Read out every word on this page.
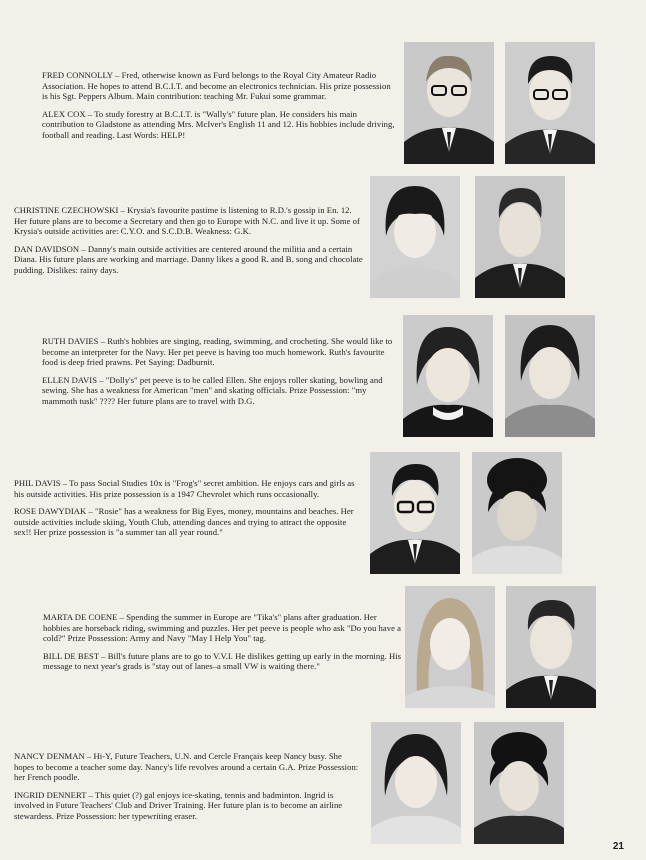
FRED CONNOLLY – Fred, otherwise known as Furd belongs to the Royal City Amateur Radio Association. He hopes to attend B.C.I.T. and become an electronics technician. His prize possession is his Sgt. Peppers Album. Main contribution: teaching Mr. Fukui some grammar.

ALEX COX – To study forestry at B.C.I.T. is "Wally's" future plan. He considers his main contribution to Gladstone as attending Mrs. McIver's English 11 and 12. His hobbies include driving, football and reading. Last Words: HELP!

CHRISTINE CZECHOWSKI – Krysia's favourite pastime is listening to R.D.'s gossip in En. 12. Her future plans are to become a Secretary and then go to Europe with N.C. and live it up. Some of Krysia's outside activities are: C.Y.O. and S.C.D.B. Weakness: G.K.

DAN DAVIDSON – Danny's main outside activities are centered around the militia and a certain Diana. His future plans are working and marriage. Danny likes a good R. and B. song and chocolate pudding. Dislikes: rainy days.

RUTH DAVIES – Ruth's hobbies are singing, reading, swimming, and crocheting. She would like to become an interpreter for the Navy. Her pet peeve is having too much homework. Ruth's favourite food is deep fried prawns. Pet Saying: Dadburnit.

ELLEN DAVIS – "Dolly's" pet peeve is to be called Ellen. She enjoys roller skating, bowling and sewing. She has a weakness for American "men" and skating officials. Prize Possession: "my mammoth tusk" ???? Her future plans are to travel with D.G.

PHIL DAVIS – To pass Social Studies 10x is "Frog's" secret ambition. He enjoys cars and girls as his outside activities. His prize possession is a 1947 Chevrolet which runs occasionally.

ROSE DAWYDIAK – "Rosie" has a weakness for Big Eyes, money, mountains and beaches. Her outside activities include skiing, Youth Club, attending dances and trying to attract the opposite sex!! Her prize possession is "a summer tan all year round."

MARTA DE COENE – Spending the summer in Europe are "Tika's" plans after graduation. Her hobbies are horseback riding, swimming and puzzles. Her pet peeve is people who ask "Do you have a cold?" Prize Possession: Army and Navy "May I Help You" tag.

BILL DE BEST – Bill's future plans are to go to V.V.I. He dislikes getting up early in the morning. His message to next year's grads is "stay out of lanes–a small VW is waiting there."

NANCY DENMAN – Hi-Y, Future Teachers, U.N. and Cercle Français keep Nancy busy. She hopes to become a teacher some day. Nancy's life revolves around a certain G.A. Prize Possession: her French poodle.

INGRID DENNERT – This quiet (?) gal enjoys ice-skating, tennis and badminton. Ingrid is involved in Future Teachers' Club and Driver Training. Her future plan is to become an airline stewardess. Prize Possession: her typewriting eraser.

21
